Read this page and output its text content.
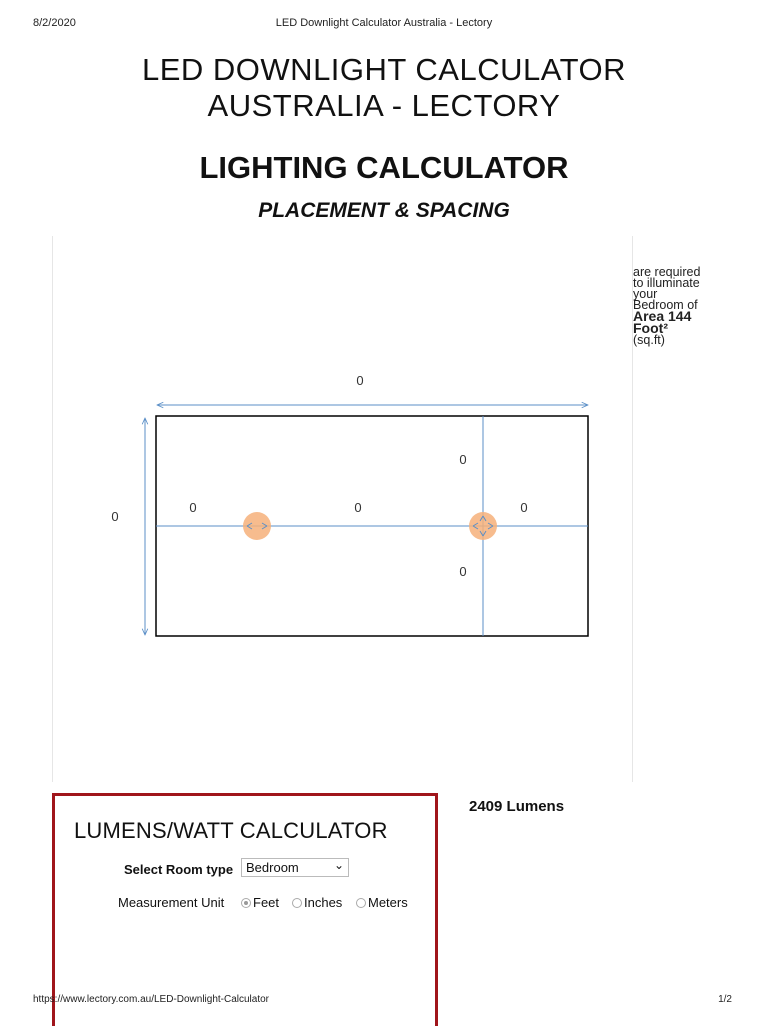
8/2/2020	LED Downlight Calculator Australia - Lectory
LED DOWNLIGHT CALCULATOR
AUSTRALIA - LECTORY
LIGHTING CALCULATOR
PLACEMENT & SPACING
0
0
0	0	0
0
0
are required to illuminate your Bedroom of Area 144 Foot² (sq.ft)
2409 Lumens
LUMENS/WATT CALCULATOR
Select Room type Bedroom	⌄
Measurement Unit	Feet	Inches	Meters
https://www.lectory.com.au/LED-Downlight-Calculator	1/2
